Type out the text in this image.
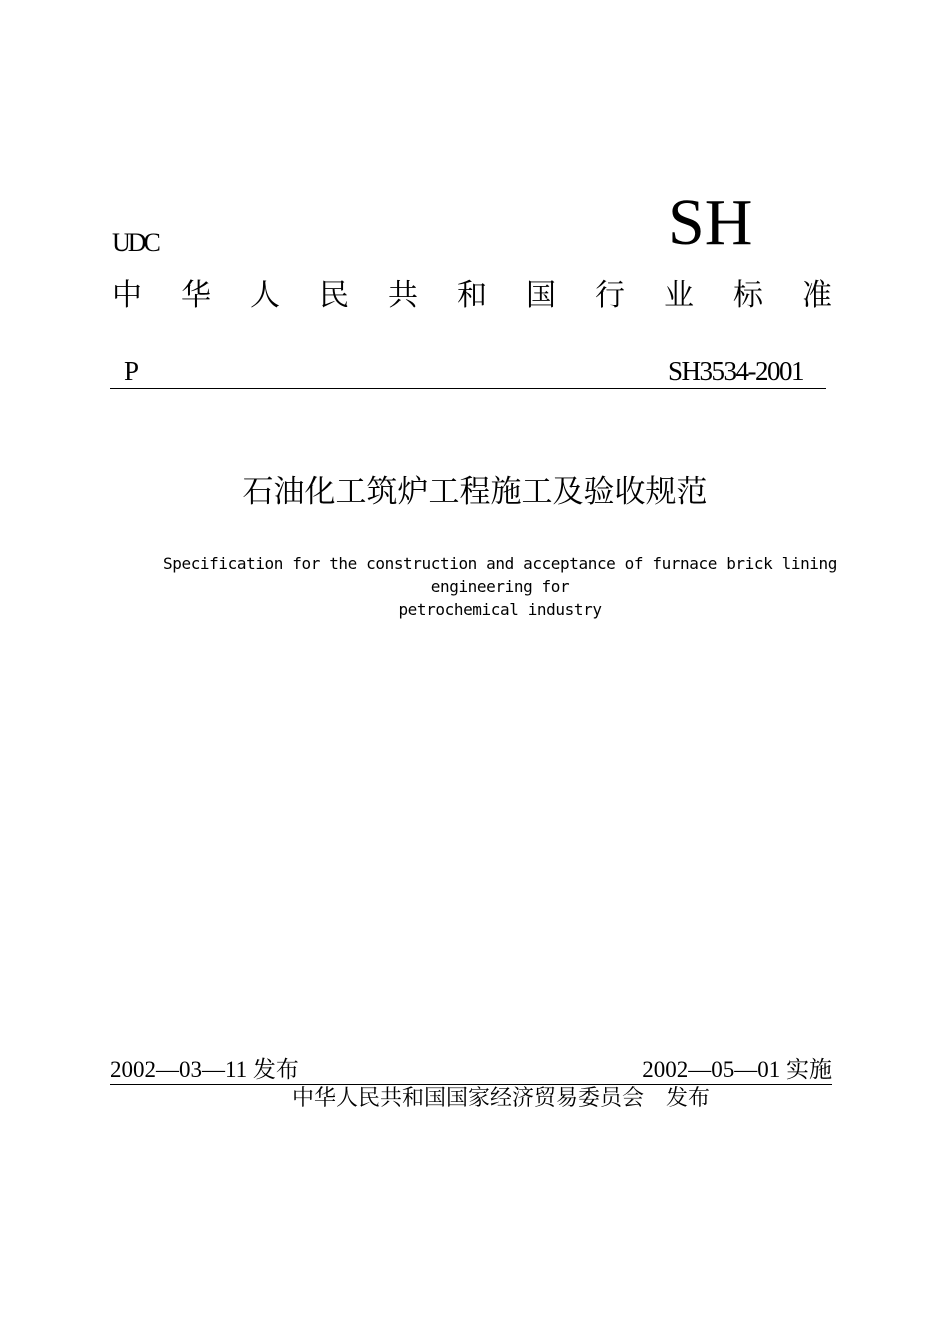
UDC	SH
中 华 人 民 共 和 国 行 业 标 准
P	SH3534-2001
石油化工筑炉工程施工及验收规范
Specification for the construction and acceptance of furnace brick lining
engineering for
petrochemical industry
2002—03—11 发布	2002—05—01 实施
中华人民共和国国家经济贸易委员会 发布
